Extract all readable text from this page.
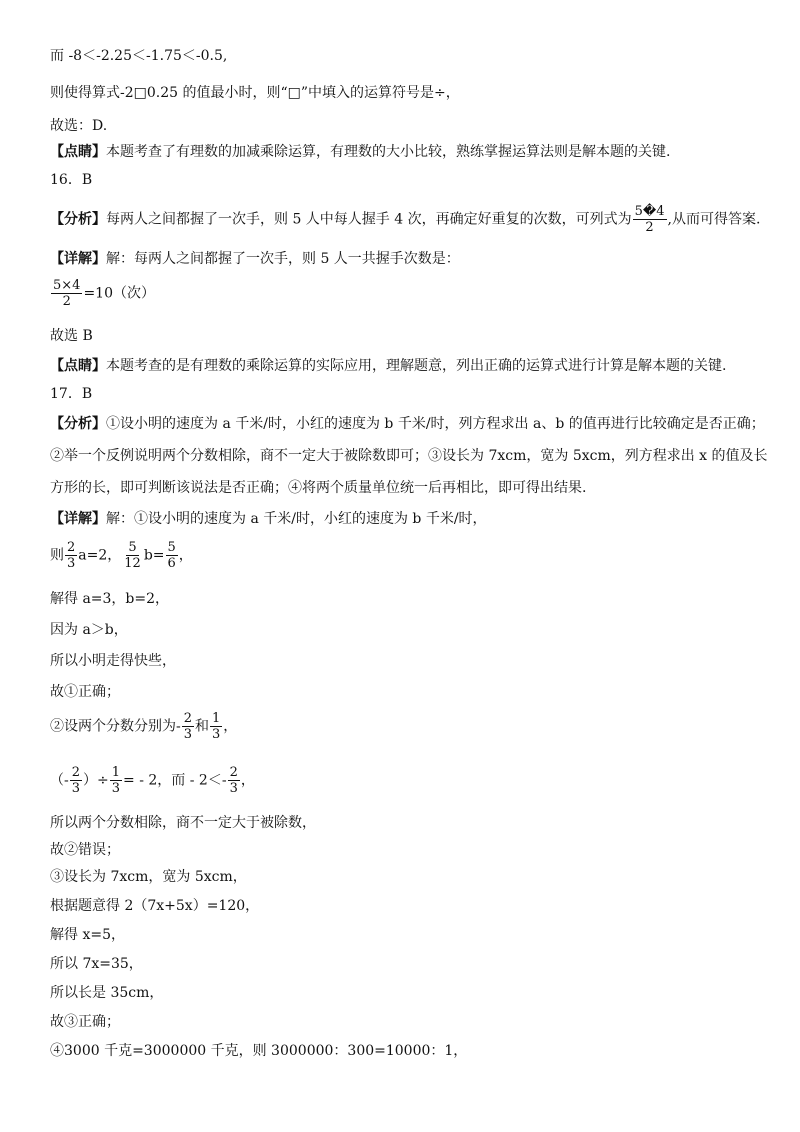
而 -8＜-2.25＜-1.75＜-0.5,
则使得算式-2□0.25 的值最小时，则“□”中填入的运算符号是÷，
故选：D.
【点睛】本题考查了有理数的加减乘除运算，有理数的大小比较，熟练掌握运算法则是解本题的关键.
16．B
【分析】每两人之间都握了一次手，则 5 人中每人握手 4 次，再确定好重复的次数，可列式为 $\frac{5�4}{2}$ ,从而可得答案.
【详解】解：每两人之间都握了一次手，则 5 人一共握手次数是：
$\frac{5\times 4}{2} =10$（次）
故选 B
【点睛】本题考查的是有理数的乘除运算的实际应用，理解题意，列出正确的运算式进行计算是解本题的关键.
17．B
【分析】①设小明的速度为 a 千米/时，小红的速度为 b 千米/时，列方程求出 a、b 的值再进行比较确定是否正确；
②举一个反例说明两个分数相除，商不一定大于被除数即可；③设长为 7xcm，宽为 5xcm，列方程求出 x 的值及长
方形的长，即可判断该说法是否正确；④将两个质量单位统一后再相比，即可得出结果.
【详解】解：①设小明的速度为 a 千米/时，小红的速度为 b 千米/时，
则 $\frac{2}{3} a=2$， $\frac{5}{12} b= \frac{5}{6}$ ，
解得 a=3，b=2，
因为 a＞b，
所以小明走得快些，
故①正确；
②设两个分数分别为- $\frac{2}{3}$ 和 $\frac{1}{3}$ ，
（- $\frac{2}{3}$ ）÷ $\frac{1}{3}$ = - 2，而 - $2<- \frac{2}{3}$ ，
所以两个分数相除，商不一定大于被除数，
故②错误；
③设长为 7xcm，宽为 5xcm，
根据题意得 2（7x+5x）=120，
解得 x=5，
所以 7x=35，
所以长是 35cm，
故③正确；
④3000 千克=3000000 千克，则 3000000：300=10000：1，
